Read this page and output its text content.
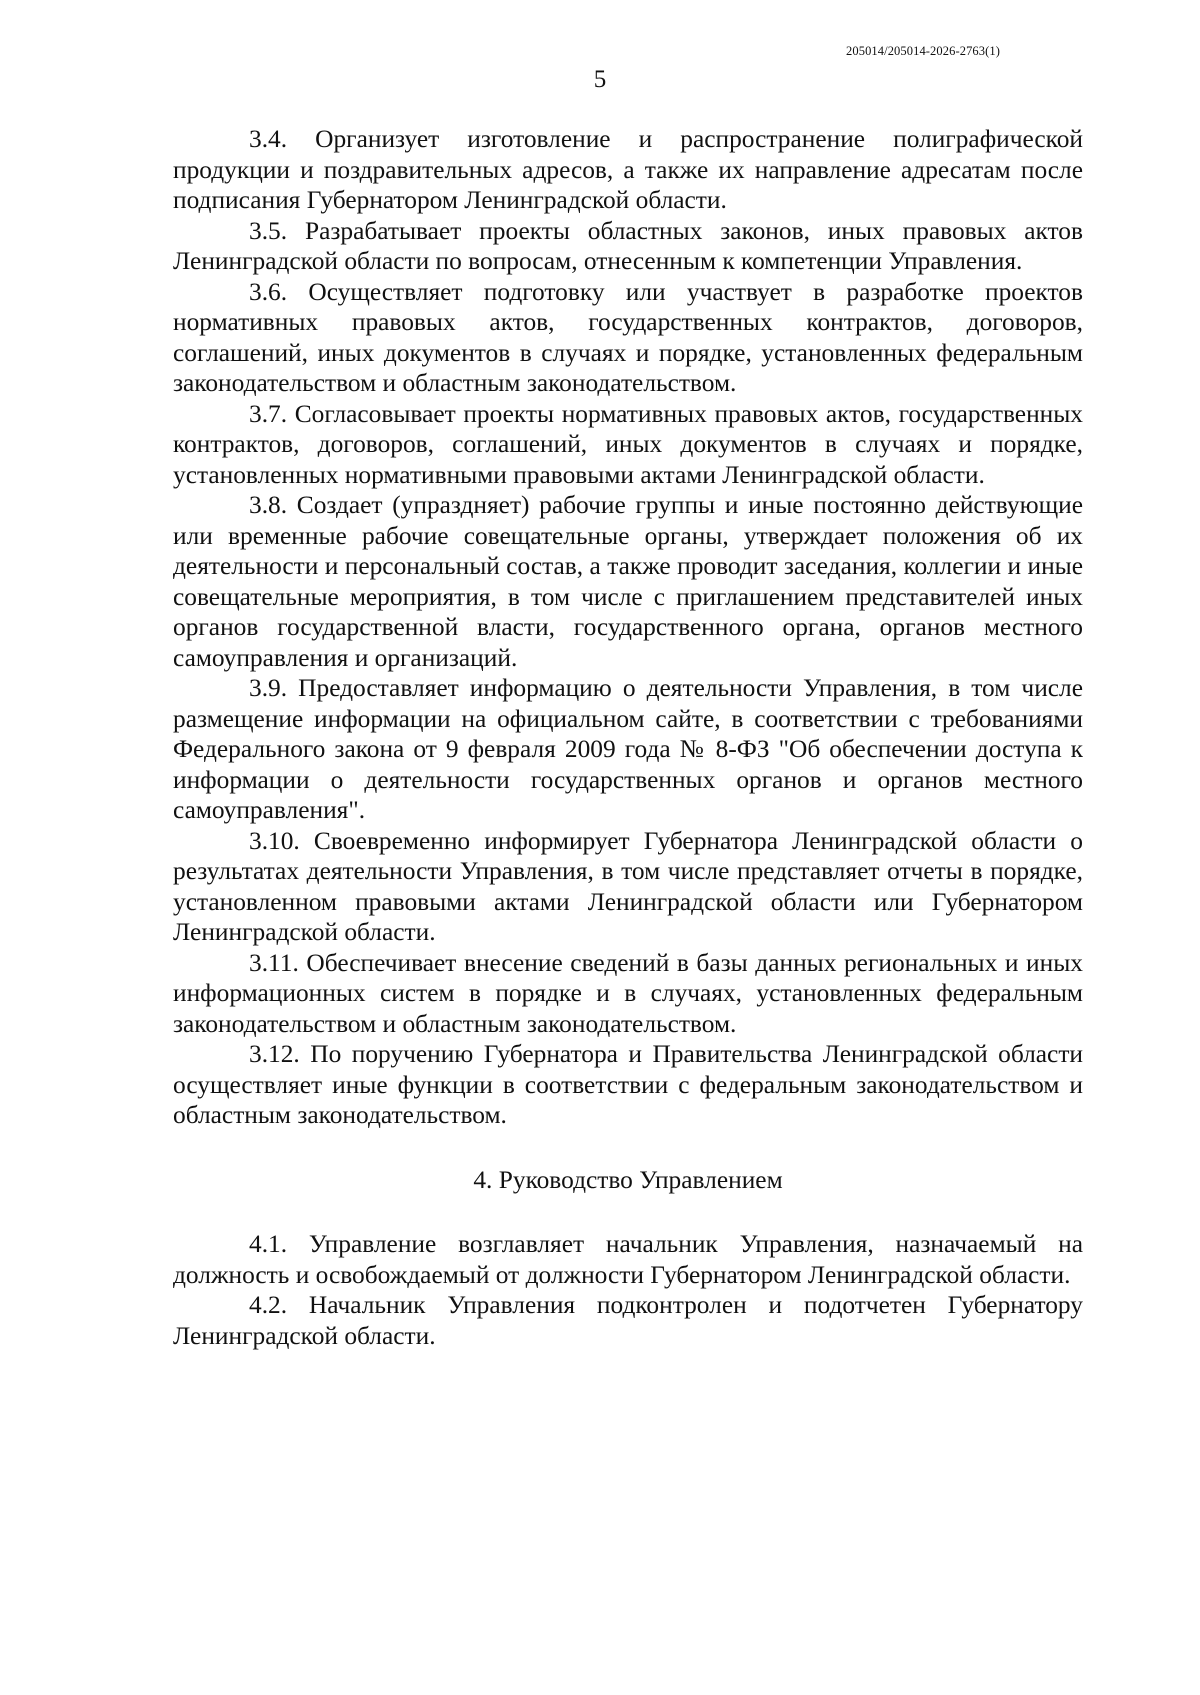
205014/205014-2026-2763(1)
5

3.4. Организует изготовление и распространение полиграфической продукции и поздравительных адресов, а также их направление адресатам после подписания Губернатором Ленинградской области.

3.5. Разрабатывает проекты областных законов, иных правовых актов Ленинградской области по вопросам, отнесенным к компетенции Управления.

3.6. Осуществляет подготовку или участвует в разработке проектов нормативных правовых актов, государственных контрактов, договоров, соглашений, иных документов в случаях и порядке, установленных федеральным законодательством и областным законодательством.

3.7. Согласовывает проекты нормативных правовых актов, государственных контрактов, договоров, соглашений, иных документов в случаях и порядке, установленных нормативными правовыми актами Ленинградской области.

3.8. Создает (упраздняет) рабочие группы и иные постоянно действующие или временные рабочие совещательные органы, утверждает положения об их деятельности и персональный состав, а также проводит заседания, коллегии и иные совещательные мероприятия, в том числе с приглашением представителей иных органов государственной власти, государственного органа, органов местного самоуправления и организаций.

3.9. Предоставляет информацию о деятельности Управления, в том числе размещение информации на официальном сайте, в соответствии с требованиями Федерального закона от 9 февраля 2009 года № 8-ФЗ "Об обеспечении доступа к информации о деятельности государственных органов и органов местного самоуправления".

3.10. Своевременно информирует Губернатора Ленинградской области о результатах деятельности Управления, в том числе представляет отчеты в порядке, установленном правовыми актами Ленинградской области или Губернатором Ленинградской области.

3.11. Обеспечивает внесение сведений в базы данных региональных и иных информационных систем в порядке и в случаях, установленных федеральным законодательством и областным законодательством.

3.12. По поручению Губернатора и Правительства Ленинградской области осуществляет иные функции в соответствии с федеральным законодательством и областным законодательством.

4. Руководство Управлением

4.1. Управление возглавляет начальник Управления, назначаемый на должность и освобождаемый от должности Губернатором Ленинградской области.

4.2. Начальник Управления подконтролен и подотчетен Губернатору Ленинградской области.
